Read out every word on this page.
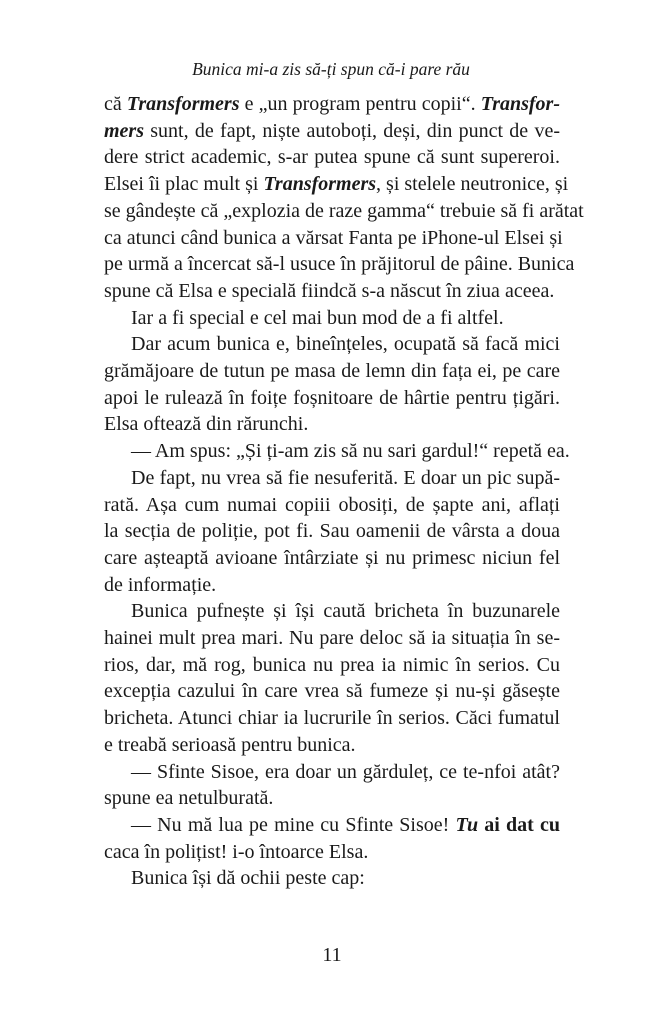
Bunica mi-a zis să-ți spun că-i pare rău
că Transformers e „un program pentru copii“. Transfor-
mers sunt, de fapt, niște autoboți, deși, din punct de ve-
dere strict academic, s-ar putea spune că sunt supereroi.
Elsei îi plac mult și Transformers, și stelele neutronice, și
se gândește că „explozia de raze gamma“ trebuie să fi arătat
ca atunci când bunica a vărsat Fanta pe iPhone-ul Elsei și
pe urmă a încercat să-l usuce în prăjitorul de pâine. Bunica
spune că Elsa e specială fiindcă s-a născut în ziua aceea.
Iar a fi special e cel mai bun mod de a fi altfel.
Dar acum bunica e, bineînțeles, ocupată să facă mici
grămăjoare de tutun pe masa de lemn din fața ei, pe care
apoi le rulează în foițe foșnitoare de hârtie pentru țigări.
Elsa oftează din rărunchi.
— Am spus: „Și ți-am zis să nu sari gardul!“ repetă ea.
De fapt, nu vrea să fie nesuferită. E doar un pic supă-
rată. Așa cum numai copiii obosiți, de șapte ani, aflați
la secția de poliție, pot fi. Sau oamenii de vârsta a doua
care așteaptă avioane întârziate și nu primesc niciun fel
de informație.
Bunica pufnește și își caută bricheta în buzunarele
hainei mult prea mari. Nu pare deloc să ia situația în se-
rios, dar, mă rog, bunica nu prea ia nimic în serios. Cu
excepția cazului în care vrea să fumeze și nu-și găsește
bricheta. Atunci chiar ia lucrurile în serios. Căci fumatul
e treabă serioasă pentru bunica.
— Sfinte Sisoe, era doar un gărduleț, ce te-nfoi atât?
spune ea netulburată.
— Nu mă lua pe mine cu Sfinte Sisoe! Tu ai dat cu
caca în polițist! i-o întoarce Elsa.
Bunica își dă ochii peste cap:
11
